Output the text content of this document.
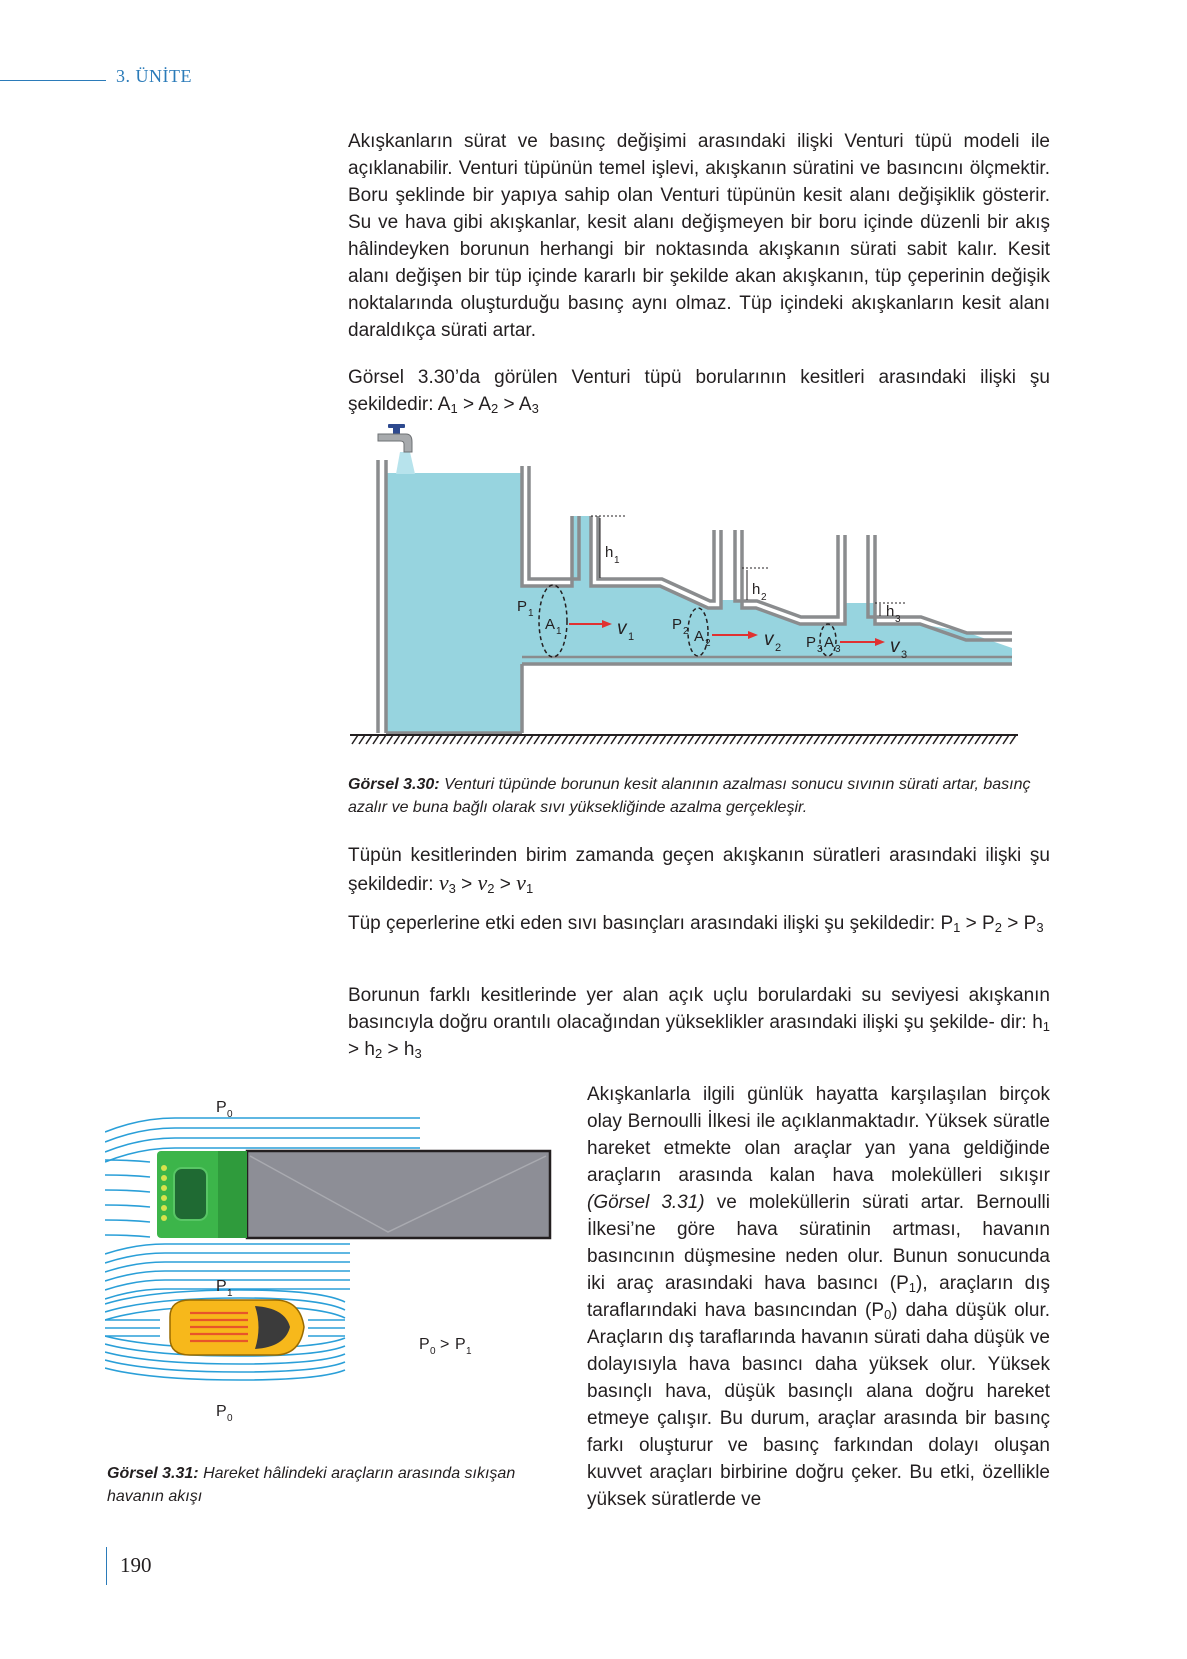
3. ÜNİTE

Akışkanların sürat ve basınç değişimi arasındaki ilişki Venturi tüpü modeli ile açıklanabilir. Venturi tüpünün temel işlevi, akışkanın süratini ve basıncını ölçmektir. Boru şeklinde bir yapıya sahip olan Venturi tüpünün kesit alanı değişiklik gösterir. Su ve hava gibi akışkanlar, kesit alanı değişmeyen bir boru içinde düzenli bir akış hâlindeyken borunun herhangi bir noktasında akışkanın sürati sabit kalır. Kesit alanı değişen bir tüp içinde kararlı bir şekilde akan akışkanın, tüp çeperinin değişik noktalarında oluşturduğu basınç aynı olmaz. Tüp içindeki akışkanların kesit alanı daraldıkça sürati artar.

Görsel 3.30’da görülen Venturi tüpü borularının kesitleri arasındaki ilişki şu şekildedir: $A_1 > A_2 > A_3$

h 1
h 2
h 3
P 1
A 1	P 2 A 2	P 3 A 3
v 1	v 2	v 3
Görsel 3.30: Venturi tüpünde borunun kesit alanının azalması sonucu sıvının sürati artar, basınç azalır ve buna bağlı olarak sıvı yüksekliğinde azalma gerçekleşir.

Tüpün kesitlerinden birim zamanda geçen akışkanın süratleri arasındaki ilişki şu şekildedir: $v_3 > v_2 > v_1$

Tüp çeperlerine etki eden sıvı basınçları arasındaki ilişki şu şekildedir: $P_1 > P_2 > P_3$

Borunun farklı kesitlerinde yer alan açık uçlu borulardaki su seviyesi akışkanın basıncıyla doğru orantılı olacağından yükseklikler arasındaki ilişki şu şekilde- dir: $h_1 > h_2 > h_3$

P 0
P 1
P 0
P 0 > P 1
Görsel 3.31: Hareket hâlindeki araçların arasında sıkışan havanın akışı

Akışkanlarla ilgili günlük hayatta karşılaşılan birçok olay Bernoulli İlkesi ile açıklanmaktadır. Yüksek süratle hareket etmekte olan araçlar yan yana geldiğinde araçların arasında kalan hava molekülleri sıkışır (Görsel 3.31) ve moleküllerin sürati artar. Bernoulli İlkesi’ne göre hava süratinin artması, havanın basıncının düşmesine neden olur. Bunun sonucunda iki araç arasındaki hava basıncı $(P_1)$, araçların dış taraflarındaki hava basıncından $(P_0)$ daha düşük olur. Araçların dış taraflarında havanın sürati daha düşük ve dolayısıyla hava basıncı daha yüksek olur. Yüksek basınçlı hava, düşük basınçlı alana doğru hareket etmeye çalışır. Bu durum, araçlar arasında bir basınç farkı oluşturur ve basınç farkından dolayı oluşan kuvvet araçları birbirine doğru çeker. Bu etki, özellikle yüksek süratlerde ve

190
